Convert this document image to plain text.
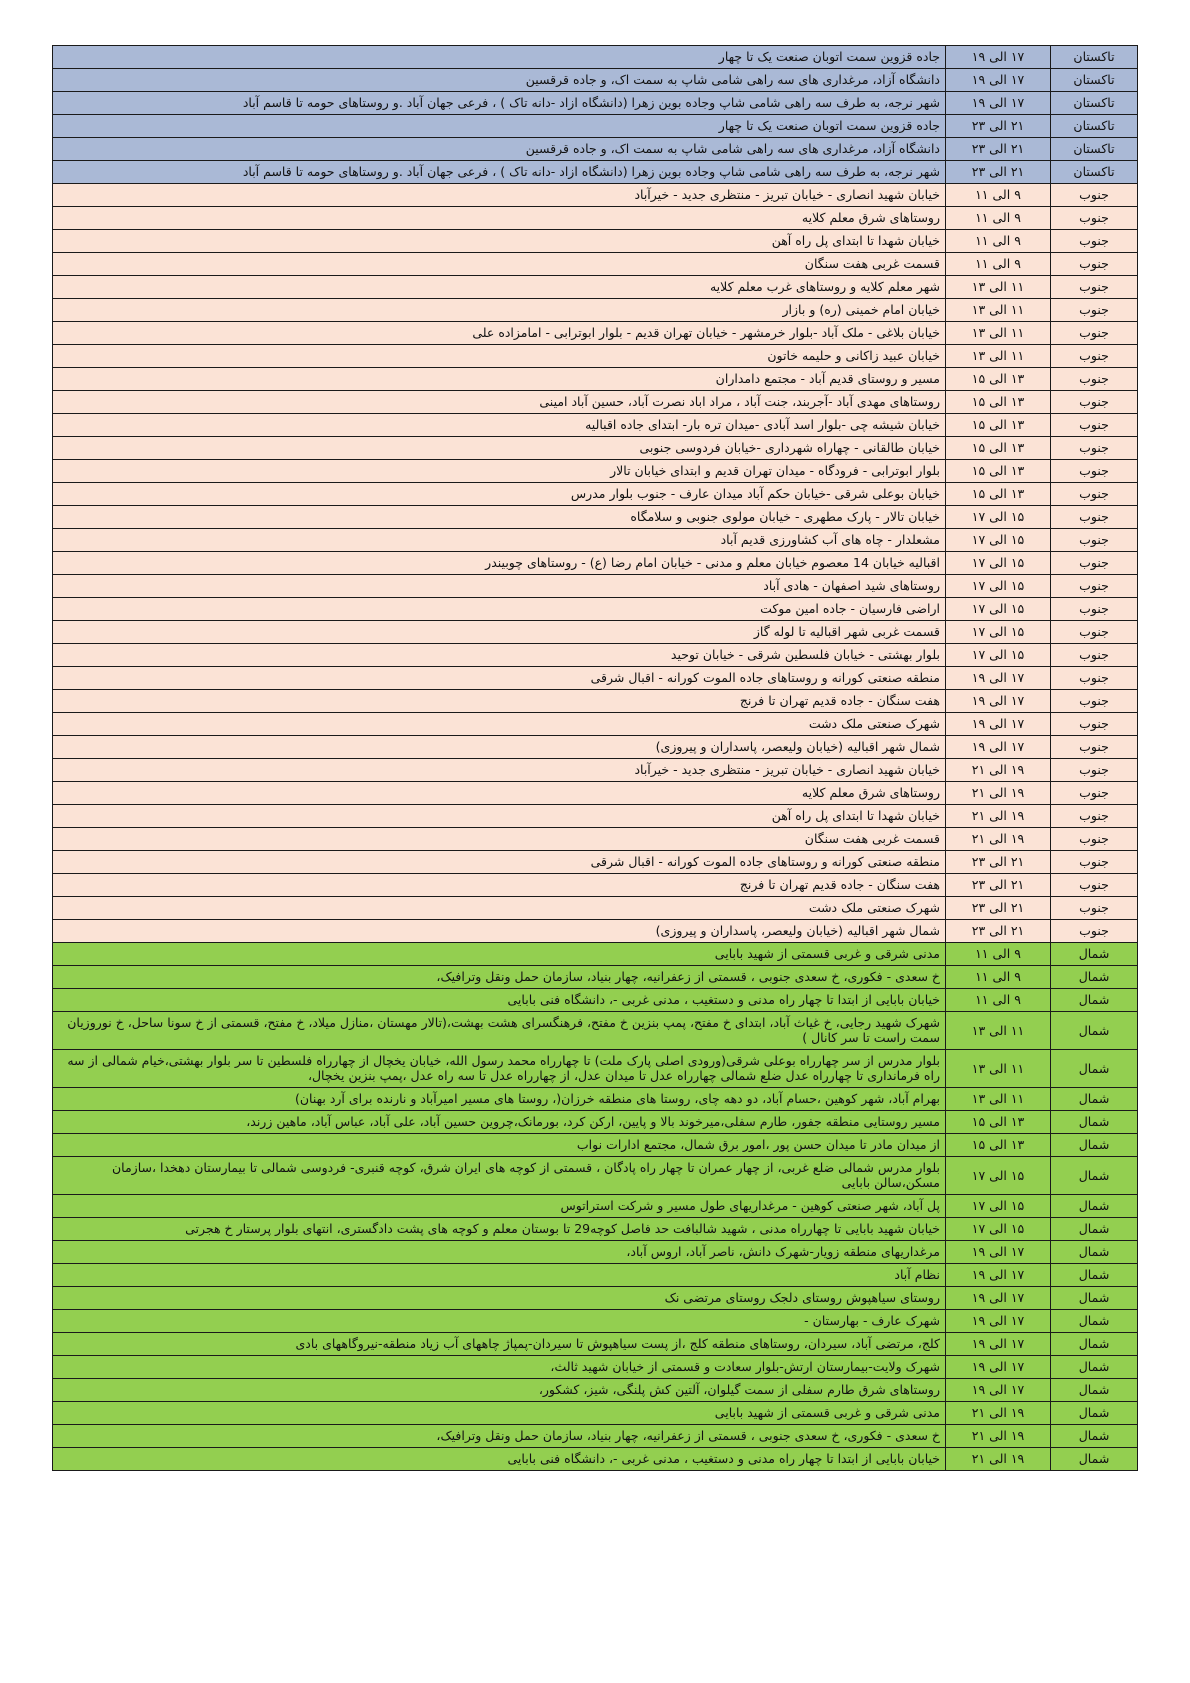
تاکستان	۱۷ الی ۱۹	جاده قزوین سمت اتوبان صنعت یک تا چهار
تاکستان	۱۷ الی ۱۹	دانشگاه آزاد، مرغداری های سه راهی شامی شاپ به سمت اک، و جاده قرقسین
تاکستان	۱۷ الی ۱۹	شهر نرجه، به طرف سه راهی شامی شاپ وجاده بوین زهرا (دانشگاه ازاد -دانه تاک ) ، فرعی جهان آباد .و روستاهای حومه تا قاسم آباد
تاکستان	۲۱ الی ۲۳	جاده قزوین سمت اتوبان صنعت یک تا چهار
تاکستان	۲۱ الی ۲۳	دانشگاه آزاد، مرغداری های سه راهی شامی شاپ به سمت اک، و جاده قرقسین
تاکستان	۲۱ الی ۲۳	شهر نرجه، به طرف سه راهی شامی شاپ وجاده بوین زهرا (دانشگاه ازاد -دانه تاک ) ، فرعی جهان آباد .و روستاهای حومه تا قاسم آباد
جنوب	۹ الی ۱۱	خیابان شهید انصاری - خیابان تبریز - منتظری جدید - خیرآباد
جنوب	۹ الی ۱۱	روستاهای شرق معلم کلایه
جنوب	۹ الی ۱۱	خیابان شهدا تا ابتدای پل راه آهن
جنوب	۹ الی ۱۱	قسمت غربی هفت سنگان
جنوب	۱۱ الی ۱۳	شهر معلم کلایه و روستاهای غرب معلم کلایه
جنوب	۱۱ الی ۱۳	خیابان امام خمینی (ره) و بازار
جنوب	۱۱ الی ۱۳	خیابان بلاغی - ملک آباد -بلوار خرمشهر - خیابان تهران قدیم - بلوار ابوترابی - امامزاده علی
جنوب	۱۱ الی ۱۳	خیابان عبید زاکانی و حلیمه خاتون
جنوب	۱۳ الی ۱۵	مسیر و روستای قدیم آباد - مجتمع دامداران
جنوب	۱۳ الی ۱۵	روستاهای مهدی آباد -آجربند، جنت آباد ، مراد اباد نصرت آباد، حسین آباد امینی
جنوب	۱۳ الی ۱۵	خیابان شیشه چی -بلوار اسد آبادی -میدان تره بار- ابتدای جاده اقبالیه
جنوب	۱۳ الی ۱۵	خیابان طالقانی - چهاراه شهرداری -خیابان فردوسی جنوبی
جنوب	۱۳ الی ۱۵	بلوار ابوترابی - فرودگاه - میدان تهران قدیم و ابتدای خیابان تالار
جنوب	۱۳ الی ۱۵	خیابان بوعلی شرقی -خیابان حکم آباد میدان عارف - جنوب بلوار مدرس
جنوب	۱۵ الی ۱۷	خیابان تالار - پارک مطهری - خیابان مولوی جنوبی و سلامگاه
جنوب	۱۵ الی ۱۷	مشعلدار - چاه های آب کشاورزی قدیم آباد
جنوب	۱۵ الی ۱۷	اقبالیه خیابان 14 معصوم خیابان معلم و مدنی - خیابان امام رضا (ع) - روستاهای چوبیندر
جنوب	۱۵ الی ۱۷	روستاهای شید اصفهان - هادی آباد
جنوب	۱۵ الی ۱۷	اراضی فارسیان - جاده امین موکت
جنوب	۱۵ الی ۱۷	قسمت غربی شهر اقبالیه تا لوله گاز
جنوب	۱۵ الی ۱۷	بلوار بهشتی - خیابان فلسطین شرقی - خیابان توحید
جنوب	۱۷ الی ۱۹	منطقه صنعتی کورانه و روستاهای جاده الموت کورانه - اقبال شرقی
جنوب	۱۷ الی ۱۹	هفت سنگان - جاده قدیم تهران تا فرنج
جنوب	۱۷ الی ۱۹	شهرک صنعتی ملک دشت
جنوب	۱۷ الی ۱۹	شمال شهر اقبالیه (خیابان ولیعصر، پاسداران و پیروزی)
جنوب	۱۹ الی ۲۱	خیابان شهید انصاری - خیابان تبریز - منتظری جدید - خیرآباد
جنوب	۱۹ الی ۲۱	روستاهای شرق معلم کلایه
جنوب	۱۹ الی ۲۱	خیابان شهدا تا ابتدای پل راه آهن
جنوب	۱۹ الی ۲۱	قسمت غربی هفت سنگان
جنوب	۲۱ الی ۲۳	منطقه صنعتی کورانه و روستاهای جاده الموت کورانه - اقبال شرقی
جنوب	۲۱ الی ۲۳	هفت سنگان - جاده قدیم تهران تا فرنج
جنوب	۲۱ الی ۲۳	شهرک صنعتی ملک دشت
جنوب	۲۱ الی ۲۳	شمال شهر اقبالیه (خیابان ولیعصر، پاسداران و پیروزی)
شمال	۹ الی ۱۱	مدنی شرقی و غربی قسمتی از شهید بابایی
شمال	۹ الی ۱۱	خ سعدی - فکوری، خ سعدی جنوبی ، قسمتی از زعفرانیه، چهار بنیاد، سازمان حمل ونقل وترافیک،
شمال	۹ الی ۱۱	خیابان بابایی از ابتدا تا چهار راه مدنی و دستغیب ، مدنی غربی -، دانشگاه فنی بابایی
شمال	۱۱ الی ۱۳	شهرک شهید رجایی، خ غیاث آباد، ابتدای خ مفتح، پمپ بنزین خ مفتح، فرهنگسرای هشت بهشت،(تالار مهستان ،منازل میلاد، خ مفتح، قسمتی از خ سونا ساحل، خ نوروزیان سمت راست تا سر کانال )
شمال	۱۱ الی ۱۳	بلوار مدرس از سر چهارراه بوعلی شرقی(ورودی اصلی پارک ملت) تا چهارراه محمد رسول الله، خیابان یخچال از چهارراه فلسطین تا سر بلوار بهشتی،خیام شمالی از سه راه فرمانداری تا چهارراه عدل ضلع شمالی چهارراه عدل تا میدان عدل، از چهارراه عدل تا سه راه عدل ،پمپ بنزین یخچال،
شمال	۱۱ الی ۱۳	بهرام آباد، شهر کوهین ،حسام آباد، دو دهه چای، روستا های منطقه خرزان(، روستا های مسیر امیرآباد و نارنده برای آرد بهنان)
شمال	۱۳ الی ۱۵	مسیر روستایی منطقه جفور، طارم سفلی،میرخوند بالا و پایین، ارکن کرد، بورمانک،چروین حسین آباد، علی آباد، عباس آباد، ماهین زرند،
شمال	۱۳ الی ۱۵	از میدان مادر تا میدان حسن پور ،امور برق شمال، مجتمع ادارات نواب
شمال	۱۵ الی ۱۷	بلوار مدرس شمالی ضلع غربی، از چهار عمران تا چهار راه پادگان ، قسمتی از کوچه های ایران شرق، کوچه قنبری- فردوسی شمالی تا بیمارستان دهخدا ،سازمان مسکن،سالن بابایی
شمال	۱۵ الی ۱۷	پل آباد، شهر صنعتی کوهین - مرغداریهای طول مسیر و شرکت استراتوس
شمال	۱۵ الی ۱۷	خیابان شهید بابایی تا چهارراه مدنی ، شهید شالبافت حد فاصل کوچه29 تا بوستان معلم و کوچه های پشت دادگستری، انتهای بلوار پرستار خ هجرتی
شمال	۱۷ الی ۱۹	مرغداریهای منطقه زویار-شهرک دانش، ناصر آباد، اروس آباد،
شمال	۱۷ الی ۱۹	نظام آباد
شمال	۱۷ الی ۱۹	روستای سیاهپوش روستای دلجک روستای مرتضی نک
شمال	۱۷ الی ۱۹	شهرک عارف - بهارستان -
شمال	۱۷ الی ۱۹	کلج، مرتضی آباد، سیردان، روستاهای منطقه کلج ،از پست سیاهپوش تا سیردان-پمپاژ چاههای آب زیاد منطقه-نیروگاههای بادی
شمال	۱۷ الی ۱۹	شهرک ولایت-بیمارستان ارتش-بلوار سعادت و قسمتی از خیابان شهید ثالث،
شمال	۱۷ الی ۱۹	روستاهای شرق طارم سفلی از سمت گیلوان، آلتین کش پلنگی، شیز، کشکور،
شمال	۱۹ الی ۲۱	مدنی شرقی و غربی قسمتی از شهید بابایی
شمال	۱۹ الی ۲۱	خ سعدی - فکوری، خ سعدی جنوبی ، قسمتی از زعفرانیه، چهار بنیاد، سازمان حمل ونقل وترافیک،
شمال	۱۹ الی ۲۱	خیابان بابایی از ابتدا تا چهار راه مدنی و دستغیب ، مدنی غربی -، دانشگاه فنی بابایی
